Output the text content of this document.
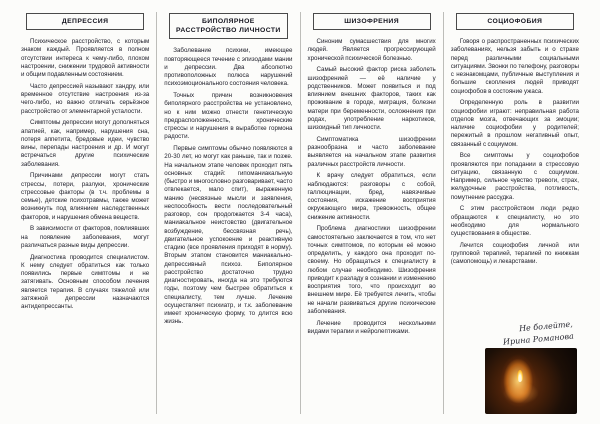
ДЕПРЕССИЯ

Психическое расстройство, с которым знаком каждый. Проявляется в полном отсутствии интереса к чему-либо, плохом настроении, снижении трудовой активности и общим подавленным состоянием.

Часто депрессией называют хандру, или временное отсутствие настроения из-за чего-либо, но важно отличать серьёзное расстройство от элементарной усталости.

Симптомы депрессии могут дополняться апатией, как, например, нарушения сна, потеря аппетита, бредовые идеи, чувство вины, перепады настроения и др. И могут встречаться другие психические заболевания.

Причинами депрессии могут стать стрессы, потери, разлуки, хронические стрессовые факторы (в т.ч. проблемы в семье), детские психотравмы, также может возникнуть под влиянием наследственных факторов, и нарушения обмена веществ.

В зависимости от факторов, повлиявших на появление заболевания, могут различаться разные виды депрессии.

Диагностика проводится специалистом. К нему следует обратиться как только появились первые симптомы и не затягивать. Основным способом лечения является терапия. В случаях тяжелой или затяжной депрессии назначаются антидепрессанты.

БИПОЛЯРНОЕ РАССТРОЙСТВО ЛИЧНОСТИ

Заболевание психики, имеющее повторяющееся течение с эпизодами мании и депрессии. Два абсолютно противоположных полюса нарушений психоэмоционального состояния человека.

Точных причин возникновения биполярного расстройства не установлено, но к ним можно отнести генетическую предрасположенность, хронические стрессы и нарушения в выработке гормона радости.

Первые симптомы обычно появляются в 20-30 лет, но могут как раньше, так и позже. На начальном этапе человек проходит пять основных стадий: гипоманиакальную (быстро и многословно разговаривает, часто отвлекается, мало спит), выраженную манию (несвязные мысли и заявления, неспособность вести последовательный разговор, сон продолжается 3-4 часа), маниакальное неистовство (двигательное возбуждение, бессвязная речь), двигательное успокоение и реактивную стадию (все проявления приходят в норму). Вторым этапом становится маниакально-депрессивный психоз. Биполярное расстройство достаточно трудно диагностировать, иногда на это требуются годы, поэтому чем быстрее обратиться к специалисту, тем лучше. Лечение осуществляет психиатр, и т.к. заболевание имеет хроническую форму, то длится всю жизнь.

ШИЗОФРЕНИЯ

Синоним сумасшествия для многих людей. Является прогрессирующей хронической психической болезнью.

Самый высокий фактор риска заболеть шизофренией — её наличие у родственников. Может появиться и под влиянием внешних факторов, таких как проживание в городе, миграция, болезни матери при беременности, осложнения при родах, употребление наркотиков, шизоидный тип личности.

Симптоматика шизофрении разнообразна и часто заболевание выявляется на начальном этапе развития различных расстройств личности.

К врачу следует обратиться, если наблюдаются: разговоры с собой, галлюцинации, бред, навязчивые состояния, искажение восприятия окружающего мира, тревожность, общее снижение активности.

Проблема диагностики шизофрении самостоятельно заключается в том, что нет точных симптомов, по которым её можно определить, у каждого она проходит по-своему. Но обращаться к специалисту в любом случае необходимо. Шизофрения приводит к разладу в сознании и изменению восприятия того, что происходит во внешнем мире. Её требуется лечить, чтобы не начали развиваться другие психические заболевания.

Лечение проводится несколькими видами терапии и нейролептиками.

СОЦИОФОБИЯ

Говоря о распространенных психических заболеваниях, нельзя забыть и о страхе перед различными социальными ситуациями. Звонки по телефону, разговоры с незнакомцами, публичные выступления и большие скопления людей приводят социофобов в состояние ужаса.

Определенную роль в развитии социофобии играют: неправильная работа отделов мозга, отвечающих за эмоции; наличие социофобии у родителей; пережитый в прошлом негативный опыт, связанный с социумом.

Все симптомы у социофобов проявляются при попадании в стрессовую ситуацию, связанную с социумом. Например, сильное чувство тревоги, страх, желудочные расстройства, потливость, помутнение рассудка.

С этим расстройством люди редко обращаются к специалисту, но это необходимо для нормального существования в обществе.

Лечится социофобия личной или групповой терапией, терапией по книжкам (самопомощь) и лекарствами.

Не болейте,
Ирина Романова
